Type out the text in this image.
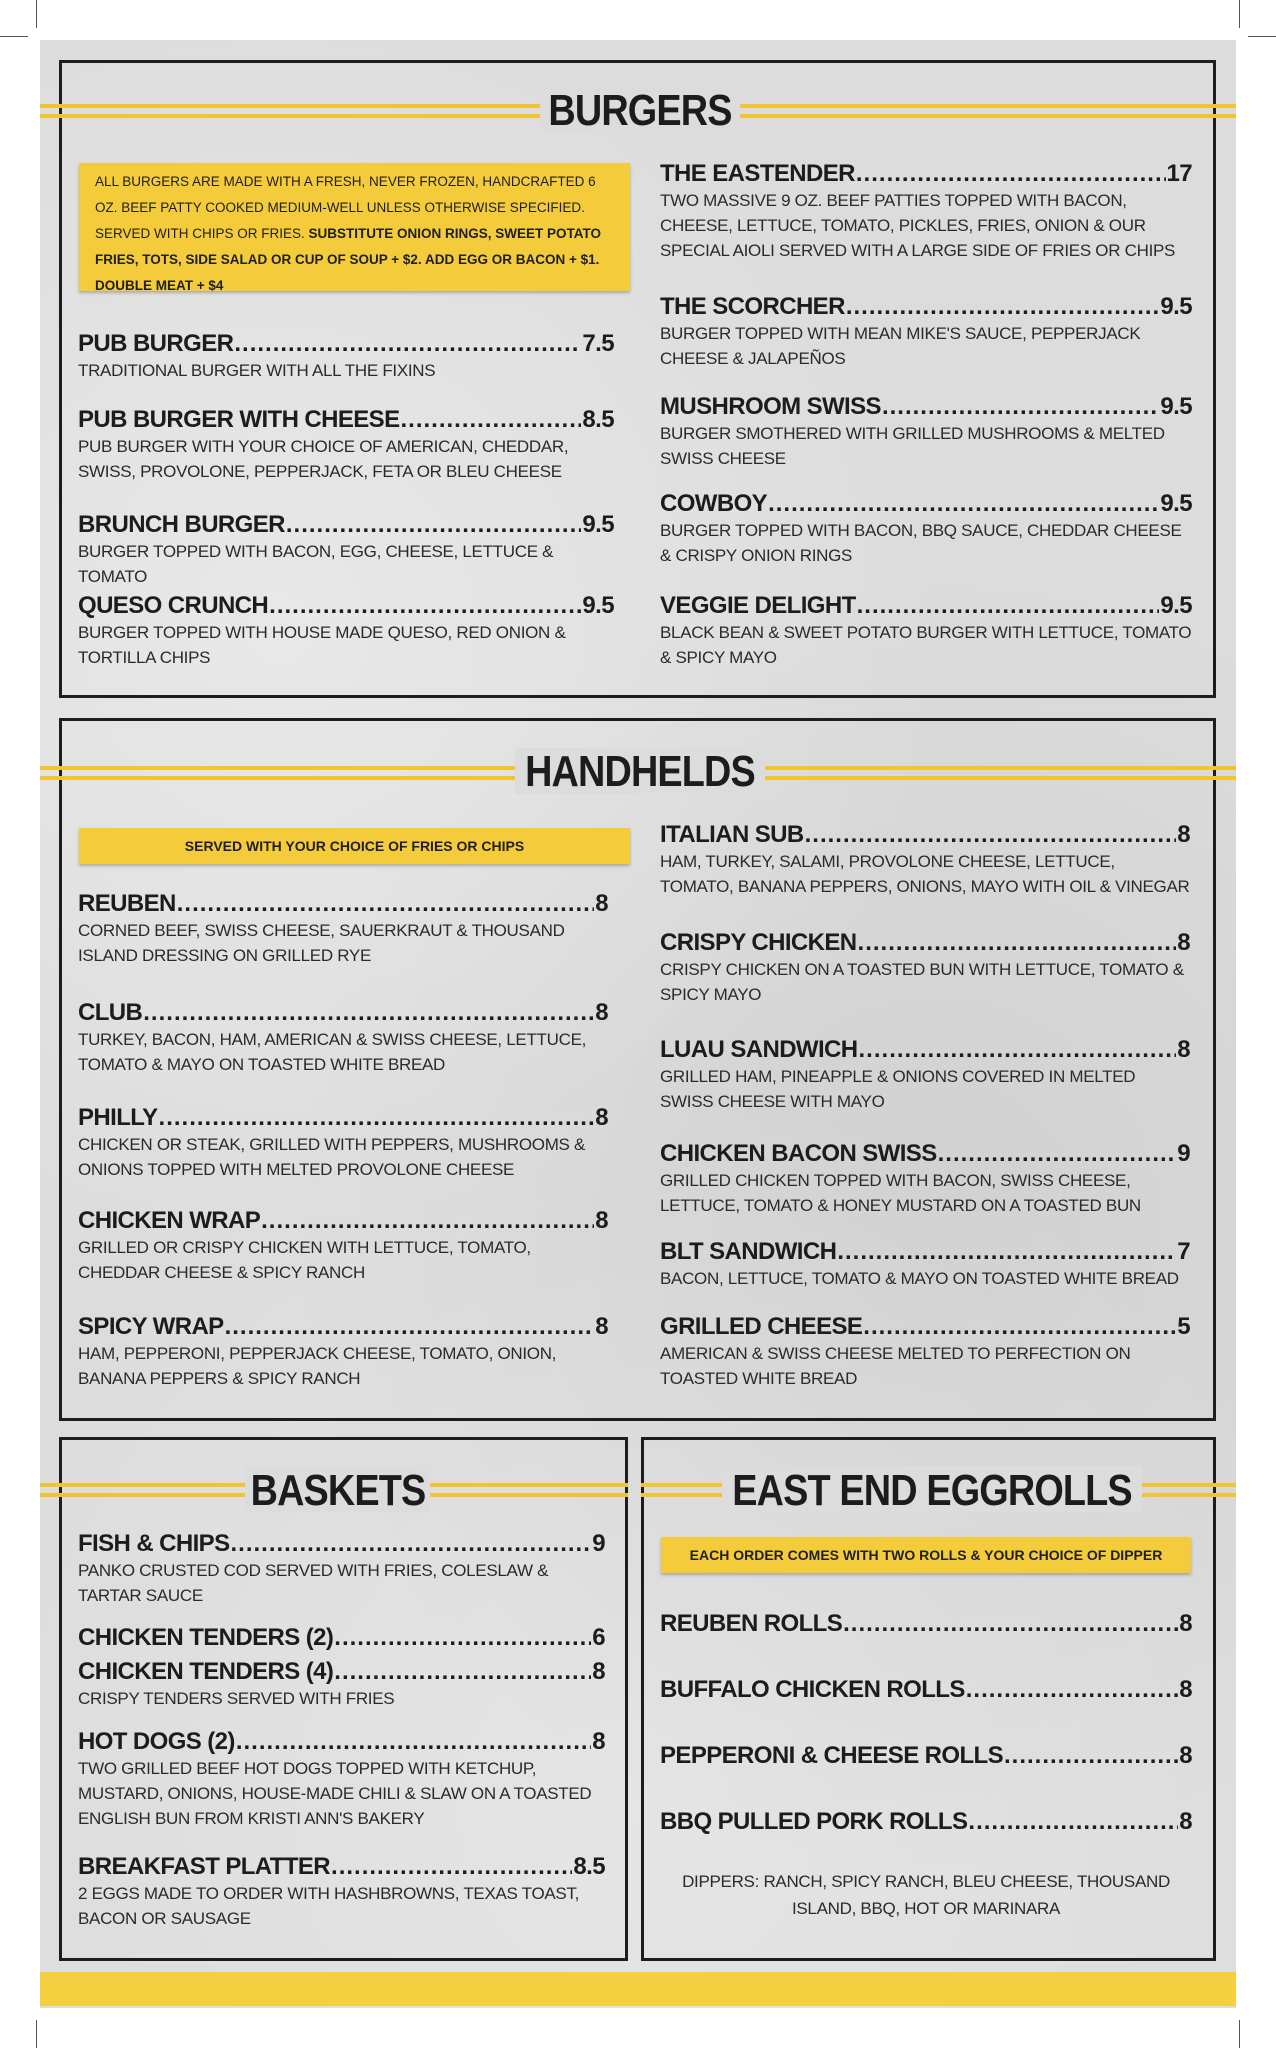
BURGERS
ALL BURGERS ARE MADE WITH A FRESH, NEVER FROZEN, HANDCRAFTED 6 OZ. BEEF PATTY COOKED MEDIUM-WELL UNLESS OTHERWISE SPECIFIED. SERVED WITH CHIPS OR FRIES. SUBSTITUTE ONION RINGS, SWEET POTATO FRIES, TOTS, SIDE SALAD OR CUP OF SOUP + $2. ADD EGG OR BACON + $1. DOUBLE MEAT + $4
PUB BURGER .....	7.5
TRADITIONAL BURGER WITH ALL THE FIXINS
PUB BURGER WITH CHEESE .....	8.5
PUB BURGER WITH YOUR CHOICE OF AMERICAN, CHEDDAR, SWISS, PROVOLONE, PEPPERJACK, FETA OR BLEU CHEESE
BRUNCH BURGER .....	9.5
BURGER TOPPED WITH BACON, EGG, CHEESE, LETTUCE & TOMATO
QUESO CRUNCH .....	9.5
BURGER TOPPED WITH HOUSE MADE QUESO, RED ONION & TORTILLA CHIPS
THE EASTENDER .....	17
TWO MASSIVE 9 OZ. BEEF PATTIES TOPPED WITH BACON, CHEESE, LETTUCE, TOMATO, PICKLES, FRIES, ONION & OUR SPECIAL AIOLI SERVED WITH A LARGE SIDE OF FRIES OR CHIPS
THE SCORCHER .....	9.5
BURGER TOPPED WITH MEAN MIKE'S SAUCE, PEPPERJACK CHEESE & JALAPEÑOS
MUSHROOM SWISS .....	9.5
BURGER SMOTHERED WITH GRILLED MUSHROOMS & MELTED SWISS CHEESE
COWBOY .....	9.5
BURGER TOPPED WITH BACON, BBQ SAUCE, CHEDDAR CHEESE & CRISPY ONION RINGS
VEGGIE DELIGHT .....	9.5
BLACK BEAN & SWEET POTATO BURGER WITH LETTUCE, TOMATO & SPICY MAYO
HANDHELDS
SERVED WITH YOUR CHOICE OF FRIES OR CHIPS
REUBEN .....	8
CORNED BEEF, SWISS CHEESE, SAUERKRAUT & THOUSAND ISLAND DRESSING ON GRILLED RYE
CLUB .....	8
TURKEY, BACON, HAM, AMERICAN & SWISS CHEESE, LETTUCE, TOMATO & MAYO ON TOASTED WHITE BREAD
PHILLY .....	8
CHICKEN OR STEAK, GRILLED WITH PEPPERS, MUSHROOMS & ONIONS TOPPED WITH MELTED PROVOLONE CHEESE
CHICKEN WRAP .....	8
GRILLED OR CRISPY CHICKEN WITH LETTUCE, TOMATO, CHEDDAR CHEESE & SPICY RANCH
SPICY WRAP .....	8
HAM, PEPPERONI, PEPPERJACK CHEESE, TOMATO, ONION, BANANA PEPPERS & SPICY RANCH
ITALIAN SUB .....	8
HAM, TURKEY, SALAMI, PROVOLONE CHEESE, LETTUCE, TOMATO, BANANA PEPPERS, ONIONS, MAYO WITH OIL & VINEGAR
CRISPY CHICKEN .....	8
CRISPY CHICKEN ON A TOASTED BUN WITH LETTUCE, TOMATO & SPICY MAYO
LUAU SANDWICH .....	8
GRILLED HAM, PINEAPPLE & ONIONS COVERED IN MELTED SWISS CHEESE WITH MAYO
CHICKEN BACON SWISS .....	9
GRILLED CHICKEN TOPPED WITH BACON, SWISS CHEESE, LETTUCE, TOMATO & HONEY MUSTARD ON A TOASTED BUN
BLT SANDWICH .....	7
BACON, LETTUCE, TOMATO & MAYO ON TOASTED WHITE BREAD
GRILLED CHEESE .....	5
AMERICAN & SWISS CHEESE MELTED TO PERFECTION ON TOASTED WHITE BREAD
BASKETS
FISH & CHIPS .....	9
PANKO CRUSTED COD SERVED WITH FRIES, COLESLAW & TARTAR SAUCE
CHICKEN TENDERS (2) .....	6
CHICKEN TENDERS (4) .....	8
CRISPY TENDERS SERVED WITH FRIES
HOT DOGS (2) .....	8
TWO GRILLED BEEF HOT DOGS TOPPED WITH KETCHUP, MUSTARD, ONIONS, HOUSE-MADE CHILI & SLAW ON A TOASTED ENGLISH BUN FROM KRISTI ANN'S BAKERY
BREAKFAST PLATTER .....	8.5
2 EGGS MADE TO ORDER WITH HASHBROWNS, TEXAS TOAST, BACON OR SAUSAGE
EAST END EGGROLLS
EACH ORDER COMES WITH TWO ROLLS & YOUR CHOICE OF DIPPER
REUBEN ROLLS .....	8
BUFFALO CHICKEN ROLLS .....	8
PEPPERONI & CHEESE ROLLS .....	8
BBQ PULLED PORK ROLLS .....	8
DIPPERS: RANCH, SPICY RANCH, BLEU CHEESE, THOUSAND ISLAND, BBQ, HOT OR MARINARA
